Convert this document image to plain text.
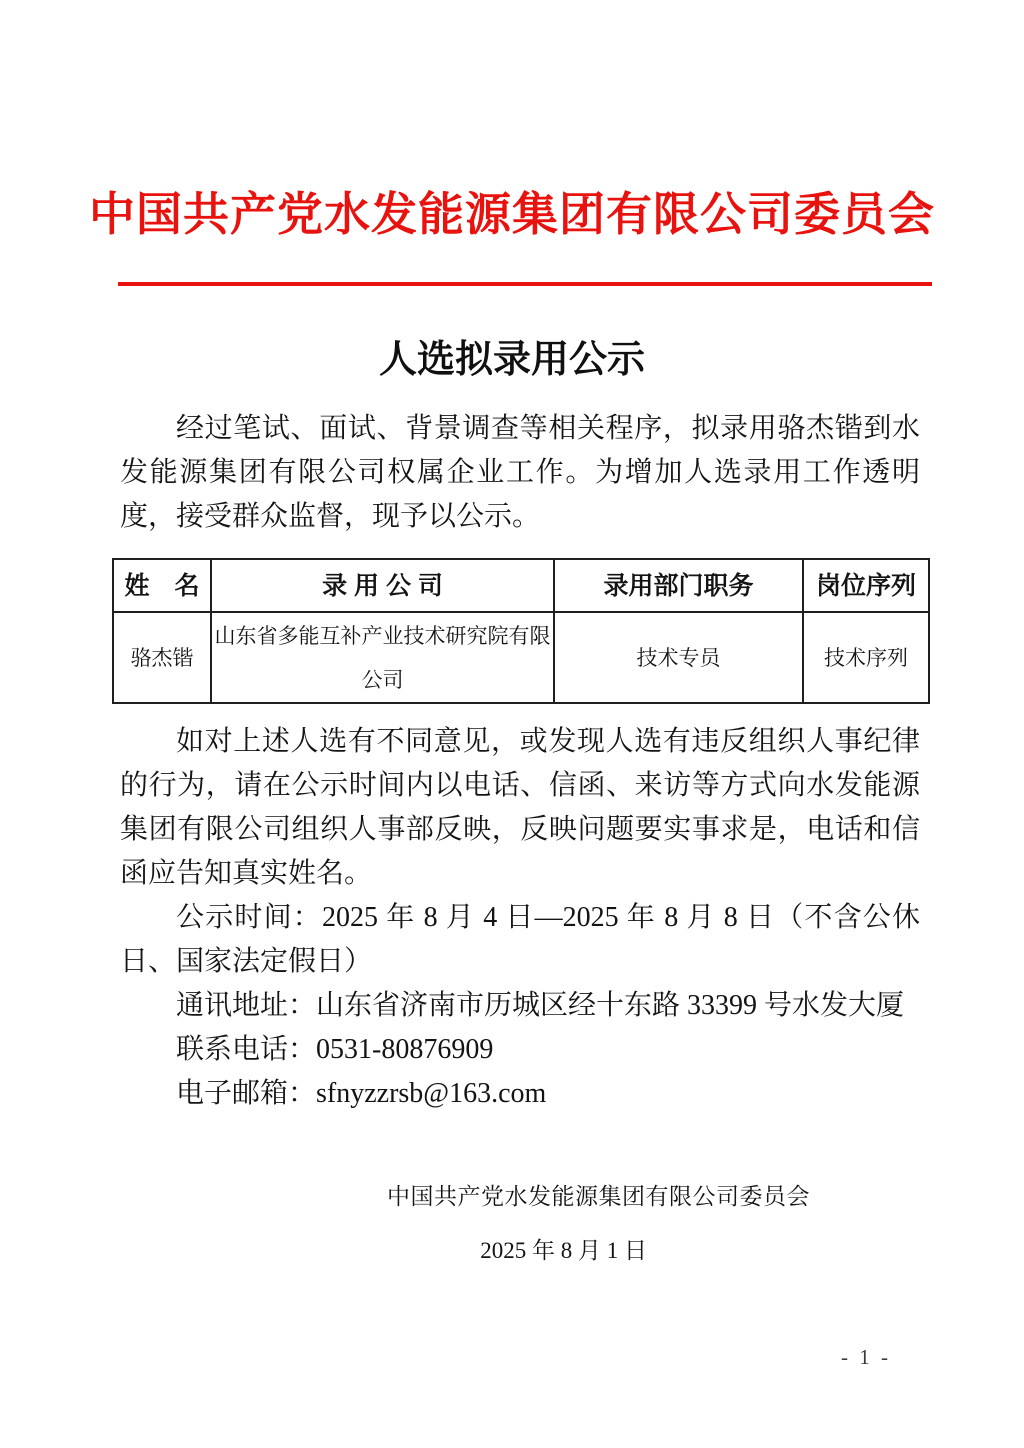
中国共产党水发能源集团有限公司委员会
人选拟录用公示

经过笔试、面试、背景调查等相关程序，拟录用骆杰锴到水发能源集团有限公司权属企业工作。为增加人选录用工作透明度，接受群众监督，现予以公示。

姓　名	录 用 公 司	录用部门职务	岗位序列
骆杰锴	山东省多能互补产业技术研究院有限公司	技术专员	技术序列

如对上述人选有不同意见，或发现人选有违反组织人事纪律的行为，请在公示时间内以电话、信函、来访等方式向水发能源集团有限公司组织人事部反映，反映问题要实事求是，电话和信函应告知真实姓名。

公示时间：2025 年 8 月 4 日—2025 年 8 月 8 日（不含公休日、国家法定假日）

通讯地址：山东省济南市历城区经十东路 33399 号水发大厦

联系电话：0531-80876909

电子邮箱：sfnyzzrsb@163.com

中国共产党水发能源集团有限公司委员会
2025 年 8 月 1 日
- 1 -
